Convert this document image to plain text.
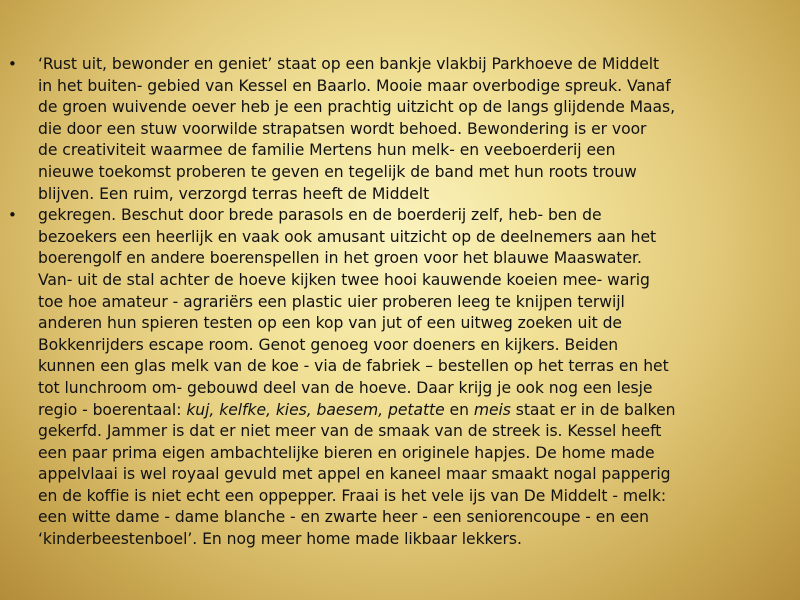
• ‘Rust uit, bewonder en geniet’ staat op een bankje vlakbij Parkhoeve de Middelt
in het buiten- gebied van Kessel en Baarlo. Mooie maar overbodige spreuk. Vanaf
de groen wuivende oever heb je een prachtig uitzicht op de langs glijdende Maas,
die door een stuw voorwilde strapatsen wordt behoed. Bewondering is er voor
de creativiteit waarmee de familie Mertens hun melk- en veeboerderij een
nieuwe toekomst proberen te geven en tegelijk de band met hun roots trouw
blijven. Een ruim, verzorgd terras heeft de Middelt
• gekregen. Beschut door brede parasols en de boerderij zelf, heb- ben de
bezoekers een heerlijk en vaak ook amusant uitzicht op de deelnemers aan het
boerengolf en andere boerenspellen in het groen voor het blauwe Maaswater.
Van- uit de stal achter de hoeve kijken twee hooi kauwende koeien mee- warig
toe hoe amateur - agrariërs een plastic uier proberen leeg te knijpen terwijl
anderen hun spieren testen op een kop van jut of een uitweg zoeken uit de
Bokkenrijders escape room. Genot genoeg voor doeners en kijkers. Beiden
kunnen een glas melk van de koe - via de fabriek – bestellen op het terras en het
tot lunchroom om- gebouwd deel van de hoeve. Daar krijg je ook nog een lesje
regio - boerentaal: kuj, kelfke, kies, baesem, petatte en meis staat er in de balken
gekerfd. Jammer is dat er niet meer van de smaak van de streek is. Kessel heeft
een paar prima eigen ambachtelijke bieren en originele hapjes. De home made
appelvlaai is wel royaal gevuld met appel en kaneel maar smaakt nogal papperig
en de koffie is niet echt een oppepper. Fraai is het vele ijs van De Middelt - melk:
een witte dame - dame blanche - en zwarte heer - een seniorencoupe - en een
‘kinderbeestenboel’. En nog meer home made likbaar lekkers.
